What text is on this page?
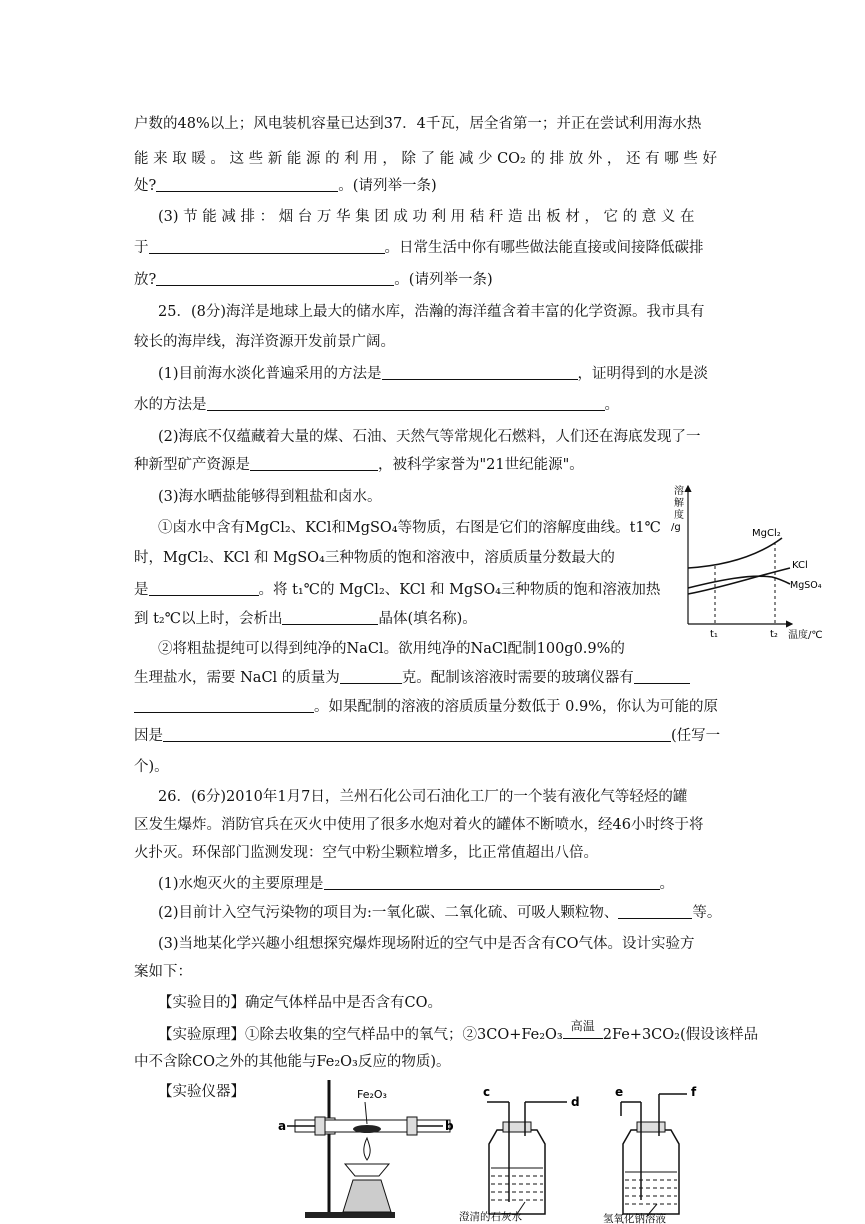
户数的48%以上；风电装机容量已达到37．4千瓦，居全省第一；并正在尝试利用海水热
能 来 取 暖 。 这 些 新 能 源 的 利 用 ， 除 了 能 减 少 CO₂ 的 排 放 外 ， 还 有 哪 些 好
处?	。(请列举一条)
(3) 节 能 减 排 ： 烟 台 万 华 集 团 成 功 利 用 秸 秆 造 出 板 材 ， 它 的 意 义 在
于	。日常生活中你有哪些做法能直接或间接降低碳排
放?	。(请列举一条)
25．(8分)海洋是地球上最大的储水库，浩瀚的海洋蕴含着丰富的化学资源。我市具有
较长的海岸线，海洋资源开发前景广阔。
(1)目前海水淡化普遍采用的方法是	，证明得到的水是淡
水的方法是	。
(2)海底不仅蕴藏着大量的煤、石油、天然气等常规化石燃料，人们还在海底发现了一
种新型矿产资源是	，被科学家誉为"21世纪能源"。
(3)海水晒盐能够得到粗盐和卤水。
①卤水中含有MgCl₂、KCl和MgSO₄等物质，右图是它们的溶解度曲线。t1℃
时，MgCl₂、KCl 和 MgSO₄三种物质的饱和溶液中，溶质质量分数最大的
是	。将 t₁℃的 MgCl₂、KCl 和 MgSO₄三种物质的饱和溶液加热
到 t₂℃以上时，会析出	晶体(填名称)。
②将粗盐提纯可以得到纯净的NaCl。欲用纯净的NaCl配制100g0.9%的
生理盐水，需要 NaCl 的质量为	克。配制该溶液时需要的玻璃仪器有
。如果配制的溶液的溶质质量分数低于 0.9%，你认为可能的原
因是	(任写一
个)。
溶解度/g
t₁	t₂ 温度/℃
MgCl₂
KCl
MgSO₄
26．(6分)2010年1月7日，兰州石化公司石油化工厂的一个装有液化气等轻烃的罐
区发生爆炸。消防官兵在灭火中使用了很多水炮对着火的罐体不断喷水，经46小时终于将
火扑灭。环保部门监测发现：空气中粉尘颗粒增多，比正常值超出八倍。
(1)水炮灭火的主要原理是	。
(2)目前计入空气污染物的项目为:一氧化碳、二氧化硫、可吸人颗粒物、	等。
(3)当地某化学兴趣小组想探究爆炸现场附近的空气中是否含有CO气体。设计实验方
案如下：
【实验目的】确定气体样品中是否含有CO。
【实验原理】①除去收集的空气样品中的氧气；②3CO+Fe₂O₃
高温
2Fe+3CO₂(假设该样品
中不含除CO之外的其他能与Fe₂O₃反应的物质)。
【实验仪器】	Fe₂O₃
a	b
c
d
澄清的石灰水
e	f
氢氧化钠溶液
